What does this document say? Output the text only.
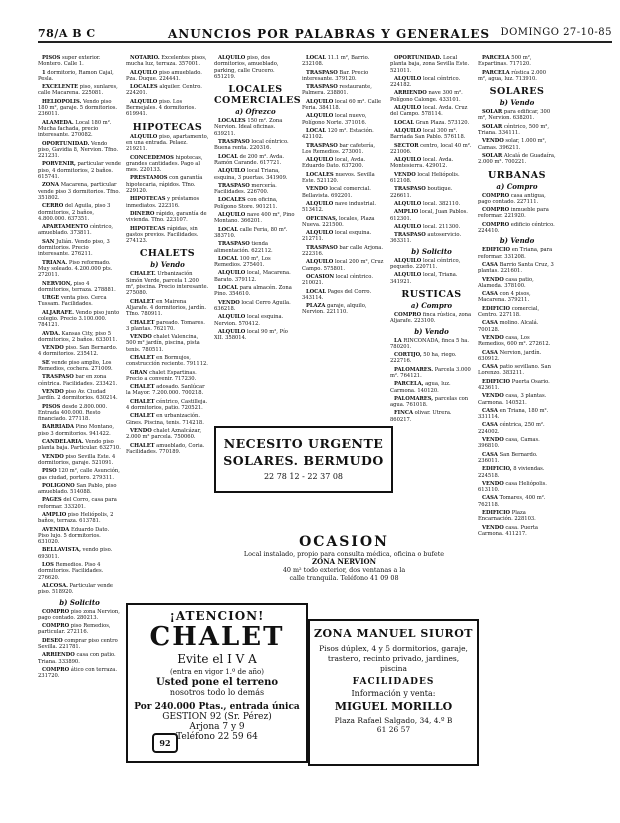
78/A B C	ANUNCIOS POR PALABRAS Y GENERALES DOMINGO 27-10-85
PISOS super exterior. Montero. Calle 1.
1 dormitorio, Ramon Cajal, Pesla.
EXCELENTE piso, sunlares, calle Macarena. 225081.
HELIOPOLIS. Vendo piso 180 m², garaje. 5 dormitorios. 236011.
ALAMEDA. Local 180 m². Mucha fachada, precio interesante. 270082.
OPORTUNIDAD. Vendo piso, Gavidia 8, Nervion. Tfno. 221231.
PORVENIR, particular vende piso, 4 dormitorios, 2 baños. 615741.
ZONA Macarena, particular vende piso 3 dormitorios. Tfno. 351802.
CERRO del Aguila, piso 3 dormitorios, 2 baños, 4.800.000. 637351.
APARTAMENTO céntrico, amueblado. 373811.
SAN Julián. Vendo piso, 3 dormitorios. Precio interesante. 276211.
TRIANA. Piso reformado. Muy soleado. 4.200.000 pts. 272011.
NERVION, piso 4 dormitorios, terraza. 278881.
URGE venta piso. Cerca Tussam. Facilidades.
ALJARAFE. Vendo piso junto colegio. Precio 3.100.000. 784121.
AVDA. Kansas City, piso 5 dormitorios, 2 baños. 633011.
VENDO piso. San Bernardo. 4 dormitorios. 235412.
SE vende piso amplio, Los Remedios, cochera. 271009.
TRASPASO bar en zona céntrica. Facilidades. 233421.
VENDO piso Av. Ciudad Jardín. 2 dormitorios. 630214.
PISOS desde 2.800.000. Entrada 400.000. Resto financiado. 277118.
BARRIADA Pino Montano, piso 3 dormitorios. 941422.
CANDELARIA. Vendo piso planta baja. Particular. 632710.
VENDO piso Sevilla Este. 4 dormitorios, garaje. 521091.
PISO 120 m², calle Asunción, gas ciudad, portero. 279311.
POLIGONO San Pablo, piso amueblado. 514088.
PAGES del Corro, casa para reformar. 333201.
AMPLIO piso Heliópolis, 2 baños, terraza. 613781.
AVENIDA Eduardo Dato. Piso lujo. 5 dormitorios. 631020.
BELLAVISTA, vendo piso. 693011.
LOS Remedios. Piso 4 dormitorios. Facilidades. 276620.
ALCOSA. Particular vende piso. 518920.
b) Solicito
COMPRO piso zona Nervion, pago contado. 280213.
COMPRO piso Remedios, particular. 272116.
DESEO comprar piso centro Sevilla. 221781.
ARRIENDO casa con patio. Triana. 333890.
COMPRO ático con terraza. 231720.
NOTARIO. Excelentes pisos, mucha luz, terraza. 357001.
ALQUILO piso amueblado. Pza. Duque. 224441.
LOCALES alquiler. Centro. 224201.
ALQUILO piso. Los Bermejales. 4 dormitorios. 619941.
HIPOTECAS
ALQUILO piso, apartamento, en una entrada. Pelaez. 219211.
CONCEDEMOS hipotecas, grandes cantidades. Pago al mes. 220133.
PRESTAMOS con garantía hipotecaria, rápidos. Tfno. 229120.
HIPOTECAS y préstamos inmediatos. 222316.
DINERO rápido, garantía de vivienda. Tfno. 223107.
HIPOTECAS rápidas, sin gastos previos. Facilidades. 274123.
CHALETS
b) Vendo
CHALET. Urbanización Simón Verde, parcela 1.200 m², piscina. Precio interesante. 275080.
CHALET en Mairena Aljarafe. 4 dormitorios, jardín. Tfno. 780911.
CHALET pareado. Tomares. 3 plantas. 762170.
VENDO chalet Valencina, 500 m² jardín, piscina, pista tenis. 780511.
CHALET en Bormujos, construcción reciente. 791112.
GRAN chalet Espartinas. Precio a convenir. 717230.
CHALET adosado. Sanlúcar la Mayor. 7.200.000. 700218.
CHALET céntrico, Castilleja. 4 dormitorios, patio. 720521.
CHALET en urbanización. Gines. Piscina, tenis. 714218.
VENDO chalet Aznalcázar, 2.000 m² parcela. 750060.
CHALET amueblado, Coria. Facilidades. 770189.
ALQUILO piso, dos dormitorios, amueblado, parking, calle Crucero. 651219.
LOCALES COMERCIALES
a) Ofrezco
LOCALES 150 m². Zona Nervion. Ideal oficinas. 639211.
TRASPASO local céntrico. Buena renta. 220316.
LOCAL de 200 m². Avda. Ramón Carande. 617721.
ALQUILO local Triana, esquina, 3 puertas. 341909.
TRASPASO mercería. Facilidades. 226700.
LOCALES con oficina, Polígono Store. 901211.
ALQUILO nave 400 m², Pino Montano. 366201.
LOCAL calle Feria, 80 m². 383710.
TRASPASO tienda alimentación. 622112.
LOCAL 100 m², Los Remedios. 275401.
ALQUILO local, Macarena. Barato. 379112.
LOCAL para almacén. Zona Pino. 354610.
VENDO local Cerro Aguila. 636218.
ALQUILO local esquina. Nervion. 570412.
ALQUILO local 90 m², Pío XII. 358014.
LOCAL 11.1 m², Barrio. 232108.
TRASPASO Bar. Precio interesante. 379120.
TRASPASO restaurante, Palmera. 238801.
ALQUILO local 60 m². Calle Feria. 384118.
ALQUILO local nuevo, Polígono Norte. 371016.
LOCAL 120 m². Estación. 421102.
TRASPASO bar cafetería, Los Remedios. 273001.
ALQUILO local, Avda. Eduardo Dato. 637200.
LOCALES nuevos. Sevilla Este. 521120.
VENDO local comercial. Bellavista. 692201.
ALQUILO nave industrial. 513412.
OFICINAS, locales, Plaza Nueva. 221500.
ALQUILO local esquina. 212711.
TRASPASO bar calle Arjona. 222316.
ALQUILO local 200 m², Cruz Campo. 575801.
OCASION local céntrico. 210021.
LOCAL Pages del Corro. 343114.
PLAZA garaje, alquilo, Nervion. 221110.
OPORTUNIDAD. Local planta baja, zona Sevilla Este. 521011.
ALQUILO local céntrico. 224182.
ARRIENDO nave 300 m². Polígono Calonge. 433101.
ALQUILO local. Avda. Cruz del Campo. 578114.
LOCAL Gran Plaza. 573120.
ALQUILO local 300 m². Barriada San Pablo. 576118.
SECTOR centro, local 40 m². 221006.
ALQUILO local. Avda. Montesierra. 429012.
VENDO local Heliópolis. 612108.
TRASPASO boutique. 226611.
ALQUILO local. 382110.
AMPLIO local, Juan Pablos. 612301.
ALQUILO local. 211300.
TRASPASO autoservicio. 363311.
b) Solicito
ALQUILO local céntrico, pequeño. 220711.
ALQUILO local, Triana. 341921.
RUSTICAS
a) Compro
COMPRO finca rústica, zona Aljarafe. 223100.
b) Vendo
LA RINCONADA, finca 5 ha. 780201.
CORTIJO, 50 ha, riego. 222716.
PALOMARES. Parcela 3.000 m². 764121.
PARCELA, agua, luz. Carmona. 140120.
PALOMARES, parcelas con agua. 761018.
FINCA olivar. Utrera. 860217.
PARCELA 500 m², Espartinas. 717120.
PARCELA rústica 2.000 m², agua, luz. 713910.
SOLARES
b) Vendo
SOLAR para edificar, 300 m², Nervion. 638201.
SOLAR céntrico, 500 m², Triana. 334111.
VENDO solar, 1.000 m², Camas. 396211.
SOLAR Alcalá de Guadaíra, 2.000 m². 700221.
URBANAS
a) Compro
COMPRO casa antigua, pago contado. 227111.
COMPRO inmueble para reformar. 221920.
COMPRO edificio céntrico. 224410.
b) Vendo
EDIFICIO en Triana, para reformar. 331208.
CASA Barrio Santa Cruz, 3 plantas. 221601.
VENDO casa patio, Alameda. 378100.
CASA con 4 pisos, Macarena. 379211.
EDIFICIO comercial, Centro. 227118.
CASA molino. Alcalá. 700128.
VENDO casa, Los Remedios, 600 m². 272612.
CASA Nervion, jardín. 630912.
CASA patio sevillano. San Lorenzo. 383211.
EDIFICIO Puerta Osario. 423611.
VENDO casa, 3 plantas. Carmona. 140521.
CASA en Triana, 180 m². 331114.
CASA céntrica, 250 m². 224002.
VENDO casa, Camas. 396810.
CASA San Bernardo. 236011.
EDIFICIO, 8 viviendas. 224518.
VENDO casa Heliópolis. 613110.
CASA Tomares, 400 m². 762118.
EDIFICIO Plaza Encarnación. 228103.
VENDO casa. Puerta Carmona. 411217.
NECESITO URGENTE
SOLARES. BERMUDO
22 78 12 - 22 37 08
OCASION
Local instalado, propio para consulta médica, oficina o bufete
ZONA NERVION
40 m² todo exterior, dos ventanas a la
calle tranquila. Teléfono 41 09 08
¡ATENCION!
CHALET
Evite el I V A
(entra en vigor 1.º de año)
Usted pone el terreno
nosotros todo lo demás
Por 240.000 Ptas., entrada única
GESTION 92 (Sr. Pérez)
Arjona 7 y 9
Teléfono 22 59 64
92
ZONA MANUEL SIUROT
Pisos dúplex, 4 y 5 dormitorios, garaje, trastero, recinto privado, jardines, piscina
FACILIDADES
Información y venta:
MIGUEL MORILLO
Plaza Rafael Salgado, 34, 4.º B
61 26 57
